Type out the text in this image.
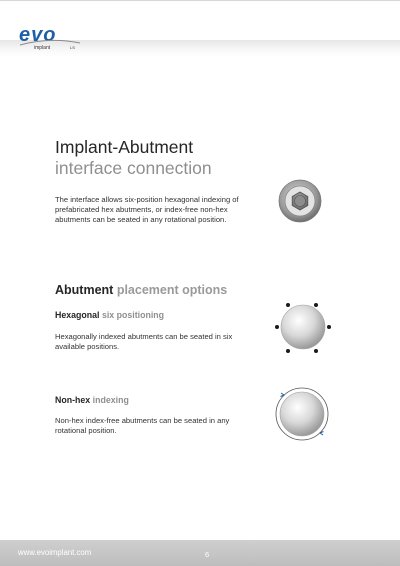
evo
implant	LS
Implant-Abutment
interface connection

The interface allows six-position hexagonal indexing of prefabricated hex abutments, or index-free non-hex abutments can be seated in any rotational position.

Abutment placement options
Hexagonal six positioning

Hexagonally indexed abutments can be seated in six available positions.

Non-hex indexing

Non-hex index-free abutments can be seated in any rotational position.

www.evoimplant.com	6
